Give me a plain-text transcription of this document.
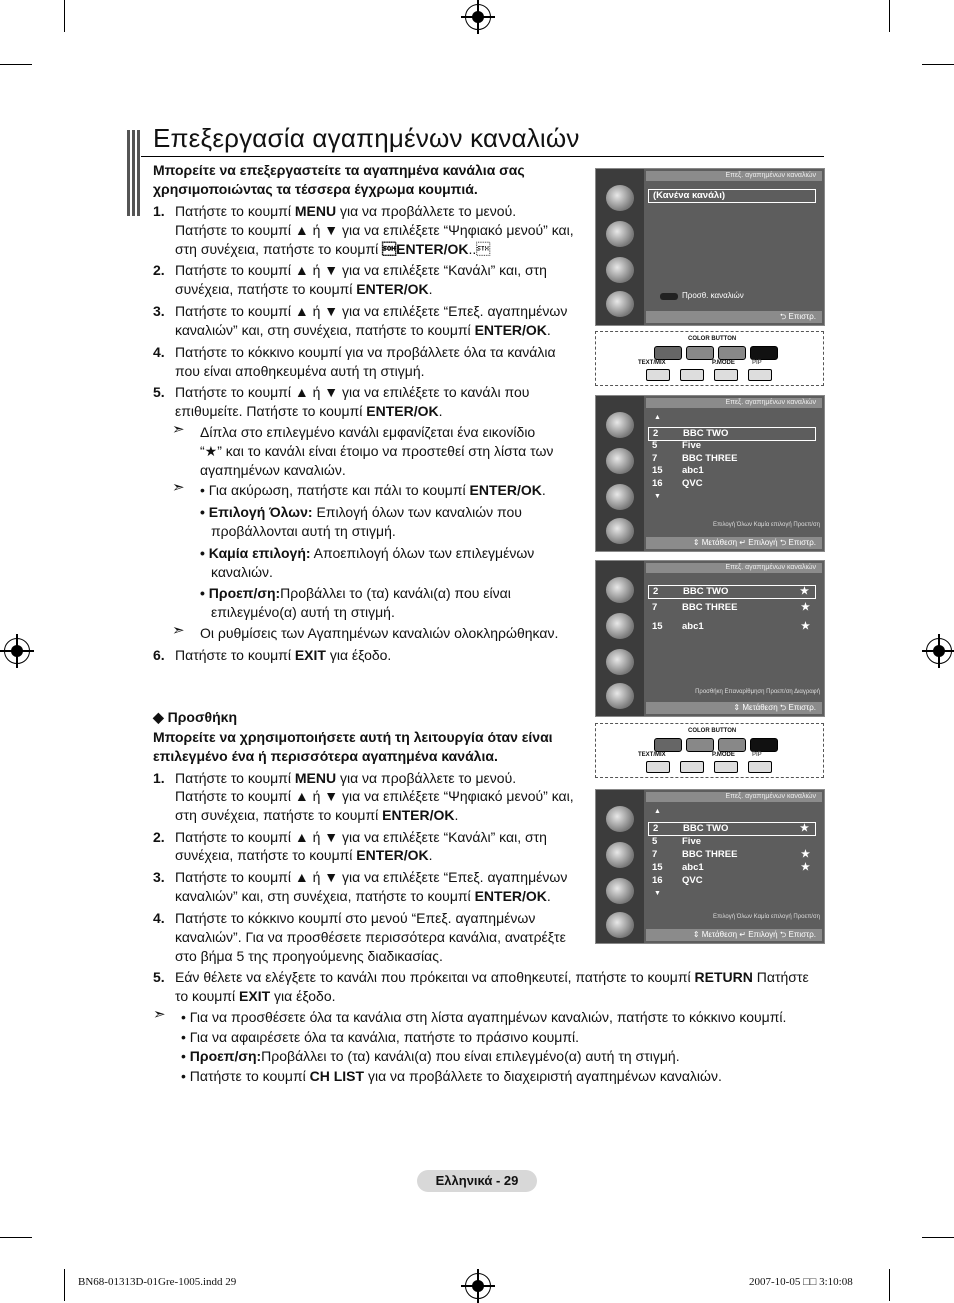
Επεξεργασία αγαπημένων καναλιών
Μπορείτε να επεξεργαστείτε τα αγαπημένα κανάλια σας
χρησιμοποιώντας τα τέσσερα έγχρωμα κουμπιά.
1. Πατήστε το κουμπί MENU για να προβάλλετε το μενού.
Πατήστε το κουμπί ▲ ή ▼ για να επιλέξετε “Ψηφιακό μενού” και,
στη συνέχεια, πατήστε το κουμπί ENTER/OK..
2. Πατήστε το κουμπί ▲ ή ▼ για να επιλέξετε “Κανάλι” και, στη
συνέχεια, πατήστε το κουμπί ENTER/OK.
3. Πατήστε το κουμπί ▲ ή ▼ για να επιλέξετε “Επεξ. αγαπημένων
καναλιών” και, στη συνέχεια, πατήστε το κουμπί ENTER/OK.
4. Πατήστε το κόκκινο κουμπί για να προβάλλετε όλα τα κανάλια
που είναι αποθηκευμένα αυτή τη στιγμή.
5. Πατήστε το κουμπί ▲ ή ▼ για να επιλέξετε το κανάλι που
επιθυμείτε. Πατήστε το κουμπί ENTER/OK.
➣ Δίπλα στο επιλεγμένο κανάλι εμφανίζεται ένα εικονίδιο
“★” και το κανάλι είναι έτοιμο να προστεθεί στη λίστα των
αγαπημένων καναλιών.
➣ • Για ακύρωση, πατήστε και πάλι το κουμπί ENTER/OK.
• Επιλογή Όλων: Επιλογή όλων των καναλιών που
προβάλλονται αυτή τη στιγμή.
• Καμία επιλογή: Αποεπιλογή όλων των επιλεγμένων
καναλιών.
• Προεπ/ση:Προβάλλει το (τα) κανάλι(α) που είναι
επιλεγμένο(α) αυτή τη στιγμή.
➣ Οι ρυθμίσεις των Αγαπημένων καναλιών ολοκληρώθηκαν.
6. Πατήστε το κουμπί EXIT για έξοδο.
◆ Προσθήκη
Μπορείτε να χρησιμοποιήσετε αυτή τη λειτουργία όταν είναι
επιλεγμένο ένα ή περισσότερα αγαπημένα κανάλια.
1. Πατήστε το κουμπί MENU για να προβάλλετε το μενού.
Πατήστε το κουμπί ▲ ή ▼ για να επιλέξετε “Ψηφιακό μενού” και,
στη συνέχεια, πατήστε το κουμπί ENTER/OK.
2. Πατήστε το κουμπί ▲ ή ▼ για να επιλέξετε “Κανάλι” και, στη
συνέχεια, πατήστε το κουμπί ENTER/OK.
3. Πατήστε το κουμπί ▲ ή ▼ για να επιλέξετε “Επεξ. αγαπημένων
καναλιών” και, στη συνέχεια, πατήστε το κουμπί ENTER/OK.
4. Πατήστε το κόκκινο κουμπί στο μενού “Επεξ. αγαπημένων
καναλιών”. Για να προσθέσετε περισσότερα κανάλια, ανατρέξτε
στο βήμα 5 της προηγούμενης διαδικασίας.
5. Εάν θέλετε να ελέγξετε το κανάλι που πρόκειται να αποθηκευτεί, πατήστε το κουμπί RETURN Πατήστε
το κουμπί EXIT για έξοδο.
➣ • Για να προσθέσετε όλα τα κανάλια στη λίστα αγαπημένων καναλιών, πατήστε το κόκκινο κουμπί.
• Για να αφαιρέσετε όλα τα κανάλια, πατήστε το πράσινο κουμπί.
• Προεπ/ση:Προβάλλει το (τα) κανάλι(α) που είναι επιλεγμένο(α) αυτή τη στιγμή.
• Πατήστε το κουμπί CH LIST για να προβάλλετε το διαχειριστή αγαπημένων καναλιών.
Επεξ. αγαπημένων καναλιών
(Κανένα κανάλι)
Προσθ. καναλιών
⮌ Επιστρ.
COLOR BUTTON
TEXT/MIX	P.MODE	PIP
Επεξ. αγαπημένων καναλιών
▲
2	BBC TWO
5	Five
7	BBC THREE
15 abc1
16 QVC
▼
Επιλογή Όλων Καμία επιλογή Προεπ/ση
⇕ Μετάθεση ↵ Επιλογή ⮌ Επιστρ.
Επεξ. αγαπημένων καναλιών
2	BBC TWO	★
7	BBC THREE	★
15 abc1	★
Προσθήκη Επαναρίθμηση Προεπ/ση Διαγραφή
⇕ Μετάθεση ⮌ Επιστρ.
COLOR BUTTON
TEXT/MIX	P.MODE	PIP
Επεξ. αγαπημένων καναλιών
▲
2	BBC TWO	★
5	Five
7	BBC THREE	★
15 abc1	★
16 QVC
▼
Επιλογή Όλων Καμία επιλογή Προεπ/ση
⇕ Μετάθεση ↵ Επιλογή ⮌ Επιστρ.
Ελληνικά - 29
BN68-01313D-01Gre-1005.indd 29	2007-10-05 □□ 3:10:08
